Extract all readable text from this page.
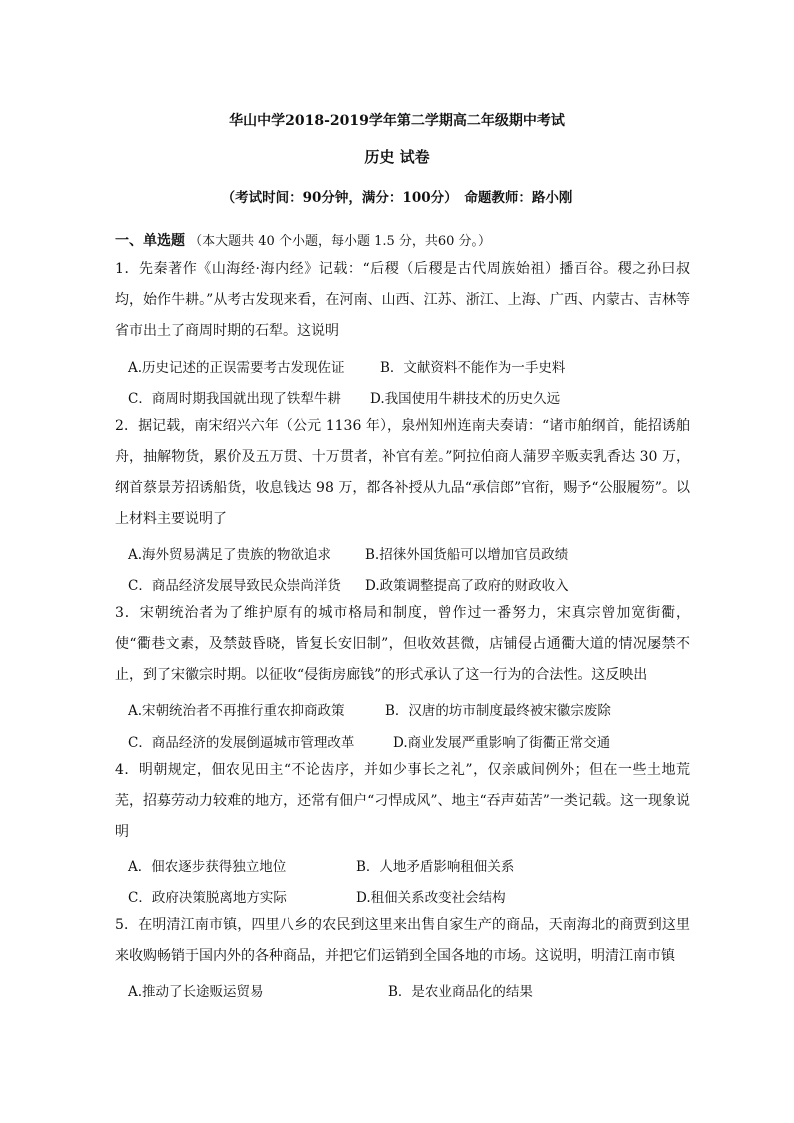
华山中学2018-2019学年第二学期高二年级期中考试
历史 试卷
（考试时间：90分钟，满分：100分）　命题教师：路小刚
一、单选题 （本大题共 40 个小题，每小题 1.5 分，共60 分。）
1．先秦著作《山海经·海内经》记载：“后稷（后稷是古代周族始祖）播百谷。稷之孙曰叔均，始作牛耕。”从考古发现来看，在河南、山西、江苏、浙江、上海、广西、内蒙古、吉林等省市出土了商周时期的石犁。这说明
A.历史记述的正误需要考古发现佐证	B．文献资料不能作为一手史料
C．商周时期我国就出现了铁犁牛耕 D.我国使用牛耕技术的历史久远
2．据记载，南宋绍兴六年（公元 1136 年），泉州知州连南夫奏请：“诸市舶纲首，能招诱舶舟，抽解物货，累价及五万贯、十万贯者，补官有差。”阿拉伯商人蒲罗辛贩卖乳香达 30 万，纲首蔡景芳招诱船货，收息钱达 98 万，都各补授从九品“承信郎”官衔，赐予“公服履笏”。以上材料主要说明了
A.海外贸易满足了贵族的物欲追求	B.招徕外国货船可以增加官员政绩
C．商品经济发展导致民众崇尚洋货 D.政策调整提高了政府的财政收入
3．宋朝统治者为了维护原有的城市格局和制度，曾作过一番努力，宋真宗曾加宽街衢，使“衢巷文素，及禁鼓昏晓，皆复长安旧制”，但收效甚微，店铺侵占通衢大道的情况屡禁不止，到了宋徽宗时期。以征收“侵街房廊钱”的形式承认了这一行为的合法性。这反映出
A.宋朝统治者不再推行重农抑商政策	B．汉唐的坊市制度最终被宋徽宗废除
C．商品经济的发展倒逼城市管理改革	D.商业发展严重影响了街衢正常交通
4．明朝规定，佃农见田主“不论齿序，并如少事长之礼”，仅亲戚间例外；但在一些土地荒芜，招募劳动力较难的地方，还常有佃户“刁悍成风”、地主“吞声茹苦”一类记载。这一现象说明
A．佃农逐步获得独立地位	B．人地矛盾影响租佃关系
C．政府决策脱离地方实际	D.租佃关系改变社会结构
5．在明清江南市镇，四里八乡的农民到这里来出售自家生产的商品，天南海北的商贾到这里来收购畅销于国内外的各种商品，并把它们运销到全国各地的市场。这说明，明清江南市镇
A.推动了长途贩运贸易	B．是农业商品化的结果
